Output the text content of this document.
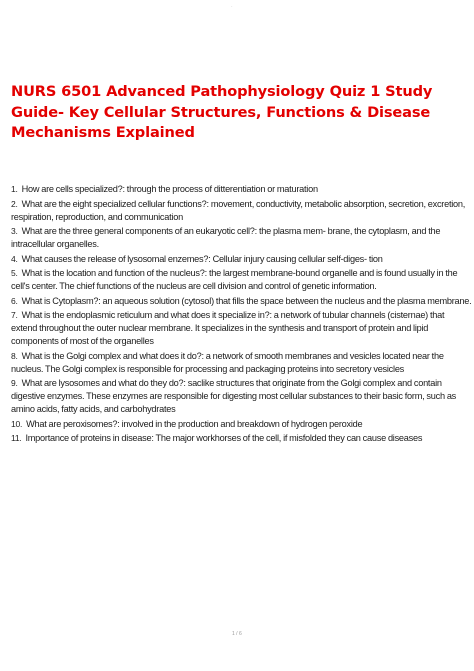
·
NURS 6501 Advanced Pathophysiology Quiz 1 Study Guide- Key Cellular Structures, Functions & Disease Mechanisms Explained
1. How are cells specialized?: through the process of ditterentiation or maturation
2. What are the eight specialized cellular functions?: movement, conductivity, metabolic absorption, secretion, excretion, respiration, reproduction, and communication
3. What are the three general components of an eukaryotic cell?: the plasma mem- brane, the cytoplasm, and the intracellular organelles.
4. What causes the release of lysosomal enzemes?: Cellular injury causing cellular self-diges- tion
5. What is the location and function of the nucleus?: the largest membrane-bound organelle and is found usually in the cell's center. The chief functions of the nucleus are cell division and control of genetic information.
6. What is Cytoplasm?: an aqueous solution (cytosol) that fills the space between the nucleus and the plasma membrane.
7. What is the endoplasmic reticulum and what does it specialize in?: a network of tubular channels (cisternae) that extend throughout the outer nuclear membrane. It specializes in the synthesis and transport of protein and lipid components of most of the organelles
8. What is the Golgi complex and what does it do?: a network of smooth membranes and vesicles located near the nucleus. The Golgi complex is responsible for processing and packaging proteins into secretory vesicles
9. What are lysosomes and what do they do?: saclike structures that originate from the Golgi complex and contain digestive enzymes. These enzymes are responsible for digesting most cellular substances to their basic form, such as amino acids, fatty acids, and carbohydrates
10. What are peroxisomes?: involved in the production and breakdown of hydrogen peroxide
11. Importance of proteins in disease: The major workhorses of the cell, if misfolded they can cause diseases
1 / 6
